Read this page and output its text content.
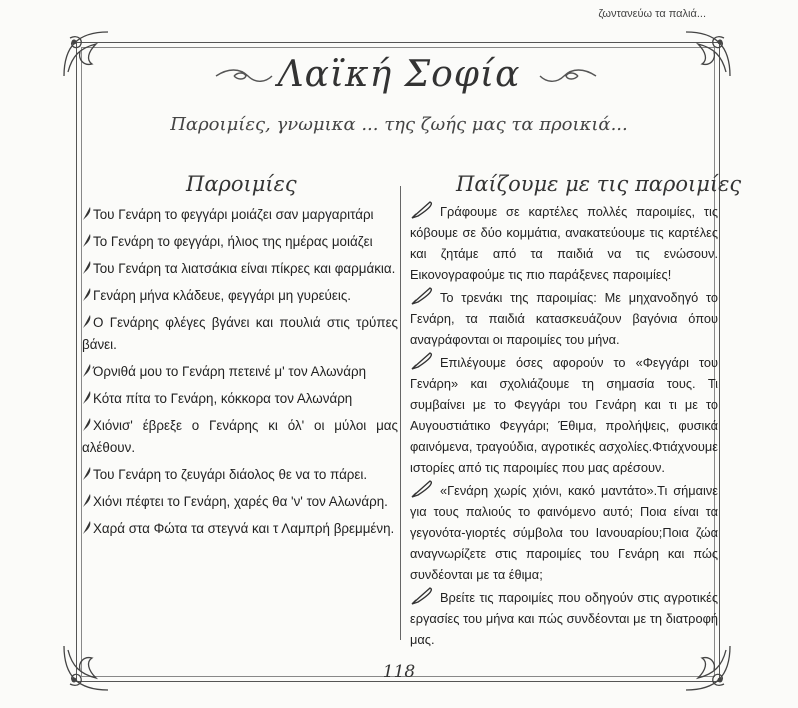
ζωντανεύω τα παλιά...
Λαϊκή Σοφία
Παροιμίες, γνωμικα ... της ζωής μας τα προικιά...
Παροιμίες	Παίζουμε με τις παροιμίες
Του Γενάρη το φεγγάρι μοιάζει σαν μαργαριτάρι
Το Γενάρη το φεγγάρι, ήλιος της ημέρας μοιάζει
Του Γενάρη τα λιατσάκια είναι πίκρες και φαρμάκια.
Γενάρη μήνα κλάδευε, φεγγάρι μη γυρεύεις.
Ο Γενάρης φλέγες βγάνει και πουλιά στις τρύπες βάνει.
Όρνιθά μου το Γενάρη πετεινέ μ' τον Αλωνάρη
Κότα πίτα το Γενάρη, κόκκορα τον Αλωνάρη
Χιόνισ' έβρεξε ο Γενάρης κι όλ' οι μύλοι μας αλέθουν.
Του Γενάρη το ζευγάρι διάολος θε να το πάρει.
Χιόνι πέφτει το Γενάρη, χαρές θα 'ν' τον Αλωνάρη.
Χαρά στα Φώτα τα στεγνά και τ Λαμπρή βρεμμένη.
Γράφουμε σε καρτέλες πολλές παροιμίες, τις κόβουμε σε δύο κομμάτια, ανακατεύουμε τις καρτέλες και ζητάμε από τα παιδιά να τις ενώσουν. Εικονογραφούμε τις πιο παράξενες παροιμίες!
Το τρενάκι της παροιμίας: Με μηχανοδηγό το Γενάρη, τα παιδιά κατασκευάζουν βαγόνια όπου αναγράφονται οι παροιμίες του μήνα.
Επιλέγουμε όσες αφορούν το «Φεγγάρι του Γενάρη» και σχολιάζουμε τη σημασία τους. Τι συμβαίνει με το Φεγγάρι του Γενάρη και τι με το Αυγουστιάτικο Φεγγάρι; Έθιμα, προλήψεις, φυσικά φαινόμενα, τραγούδια, αγροτικές ασχολίες.Φτιάχνουμε ιστορίες από τις παροιμίες που μας αρέσουν.
«Γενάρη χωρίς χιόνι, κακό μαντάτο».Τι σήμαινε για τους παλιούς το φαινόμενο αυτό; Ποια είναι τα γεγονότα-γιορτές σύμβολα του Ιανουαρίου;Ποια ζώα αναγνωρίζετε στις παροιμίες του Γενάρη και πώς συνδέονται με τα έθιμα;
Βρείτε τις παροιμίες που οδηγούν στις αγροτικές εργασίες του μήνα και πώς συνδέονται με τη διατροφή μας.
118
